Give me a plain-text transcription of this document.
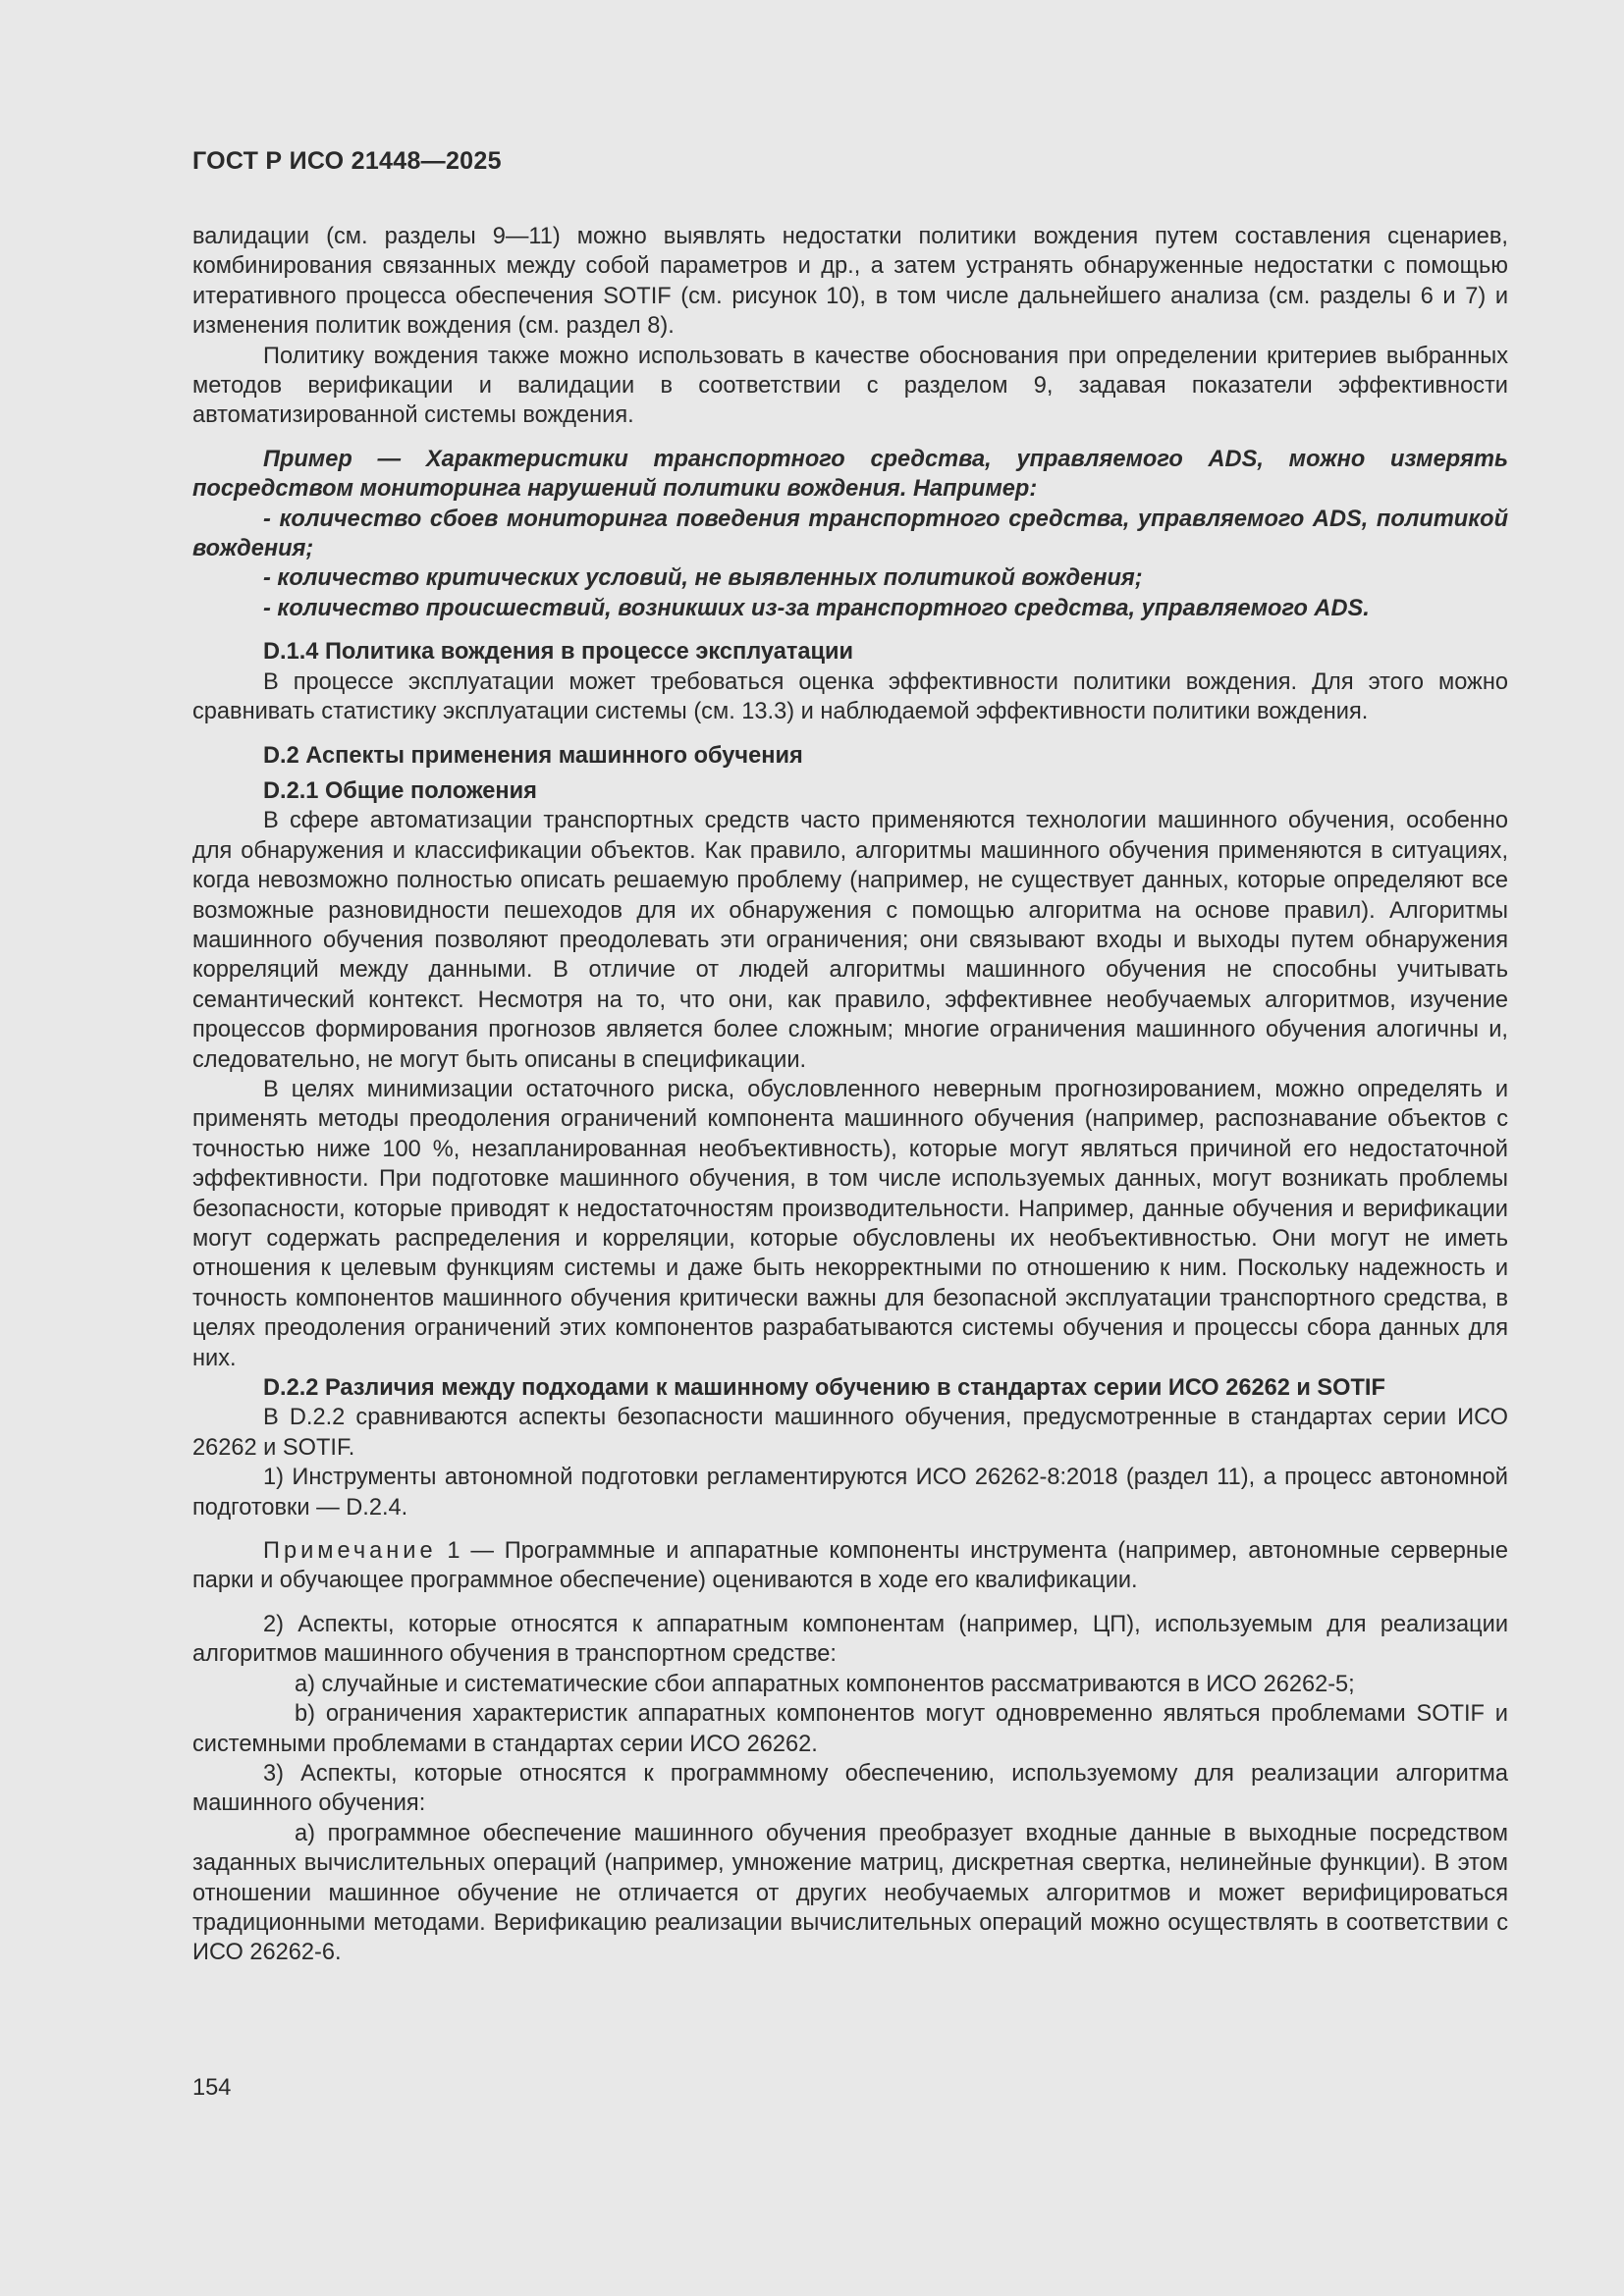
ГОСТ Р ИСО 21448—2025

валидации (см. разделы 9—11) можно выявлять недостатки политики вождения путем составления сценариев, комбинирования связанных между собой параметров и др., а затем устранять обнаруженные недостатки с помощью итеративного процесса обеспечения SOTIF (см. рисунок 10), в том числе дальнейшего анализа (см. разделы 6 и 7) и изменения политик вождения (см. раздел 8).

Политику вождения также можно использовать в качестве обоснования при определении критериев выбранных методов верификации и валидации в соответствии с разделом 9, задавая показатели эффективности автоматизированной системы вождения.

Пример — Характеристики транспортного средства, управляемого ADS, можно измерять посредством мониторинга нарушений политики вождения. Например:

- количество сбоев мониторинга поведения транспортного средства, управляемого ADS, политикой вождения;

- количество критических условий, не выявленных политикой вождения;

- количество происшествий, возникших из-за транспортного средства, управляемого ADS.

D.1.4 Политика вождения в процессе эксплуатации

В процессе эксплуатации может требоваться оценка эффективности политики вождения. Для этого можно сравнивать статистику эксплуатации системы (см. 13.3) и наблюдаемой эффективности политики вождения.

D.2 Аспекты применения машинного обучения

D.2.1 Общие положения

В сфере автоматизации транспортных средств часто применяются технологии машинного обучения, особенно для обнаружения и классификации объектов. Как правило, алгоритмы машинного обучения применяются в ситуациях, когда невозможно полностью описать решаемую проблему (например, не существует данных, которые определяют все возможные разновидности пешеходов для их обнаружения с помощью алгоритма на основе правил). Алгоритмы машинного обучения позволяют преодолевать эти ограничения; они связывают входы и выходы путем обнаружения корреляций между данными. В отличие от людей алгоритмы машинного обучения не способны учитывать семантический контекст. Несмотря на то, что они, как правило, эффективнее необучаемых алгоритмов, изучение процессов формирования прогнозов является более сложным; многие ограничения машинного обучения алогичны и, следовательно, не могут быть описаны в спецификации.

В целях минимизации остаточного риска, обусловленного неверным прогнозированием, можно определять и применять методы преодоления ограничений компонента машинного обучения (например, распознавание объектов с точностью ниже 100 %, незапланированная необъективность), которые могут являться причиной его недостаточной эффективности. При подготовке машинного обучения, в том числе используемых данных, могут возникать проблемы безопасности, которые приводят к недостаточностям производительности. Например, данные обучения и верификации могут содержать распределения и корреляции, которые обусловлены их необъективностью. Они могут не иметь отношения к целевым функциям системы и даже быть некорректными по отношению к ним. Поскольку надежность и точность компонентов машинного обучения критически важны для безопасной эксплуатации транспортного средства, в целях преодоления ограничений этих компонентов разрабатываются системы обучения и процессы сбора данных для них.

D.2.2 Различия между подходами к машинному обучению в стандартах серии ИСО 26262 и SOTIF

В D.2.2 сравниваются аспекты безопасности машинного обучения, предусмотренные в стандартах серии ИСО 26262 и SOTIF.

1) Инструменты автономной подготовки регламентируются ИСО 26262-8:2018 (раздел 11), а процесс автономной подготовки — D.2.4.

Примечание 1 — Программные и аппаратные компоненты инструмента (например, автономные серверные парки и обучающее программное обеспечение) оцениваются в ходе его квалификации.

2) Аспекты, которые относятся к аппаратным компонентам (например, ЦП), используемым для реализации алгоритмов машинного обучения в транспортном средстве:

a) случайные и систематические сбои аппаратных компонентов рассматриваются в ИСО 26262-5;

b) ограничения характеристик аппаратных компонентов могут одновременно являться проблемами SOTIF и системными проблемами в стандартах серии ИСО 26262.

3) Аспекты, которые относятся к программному обеспечению, используемому для реализации алгоритма машинного обучения:

a) программное обеспечение машинного обучения преобразует входные данные в выходные посредством заданных вычислительных операций (например, умножение матриц, дискретная свертка, нелинейные функции). В этом отношении машинное обучение не отличается от других необучаемых алгоритмов и может верифицироваться традиционными методами. Верификацию реализации вычислительных операций можно осуществлять в соответствии с ИСО 26262-6.

154
